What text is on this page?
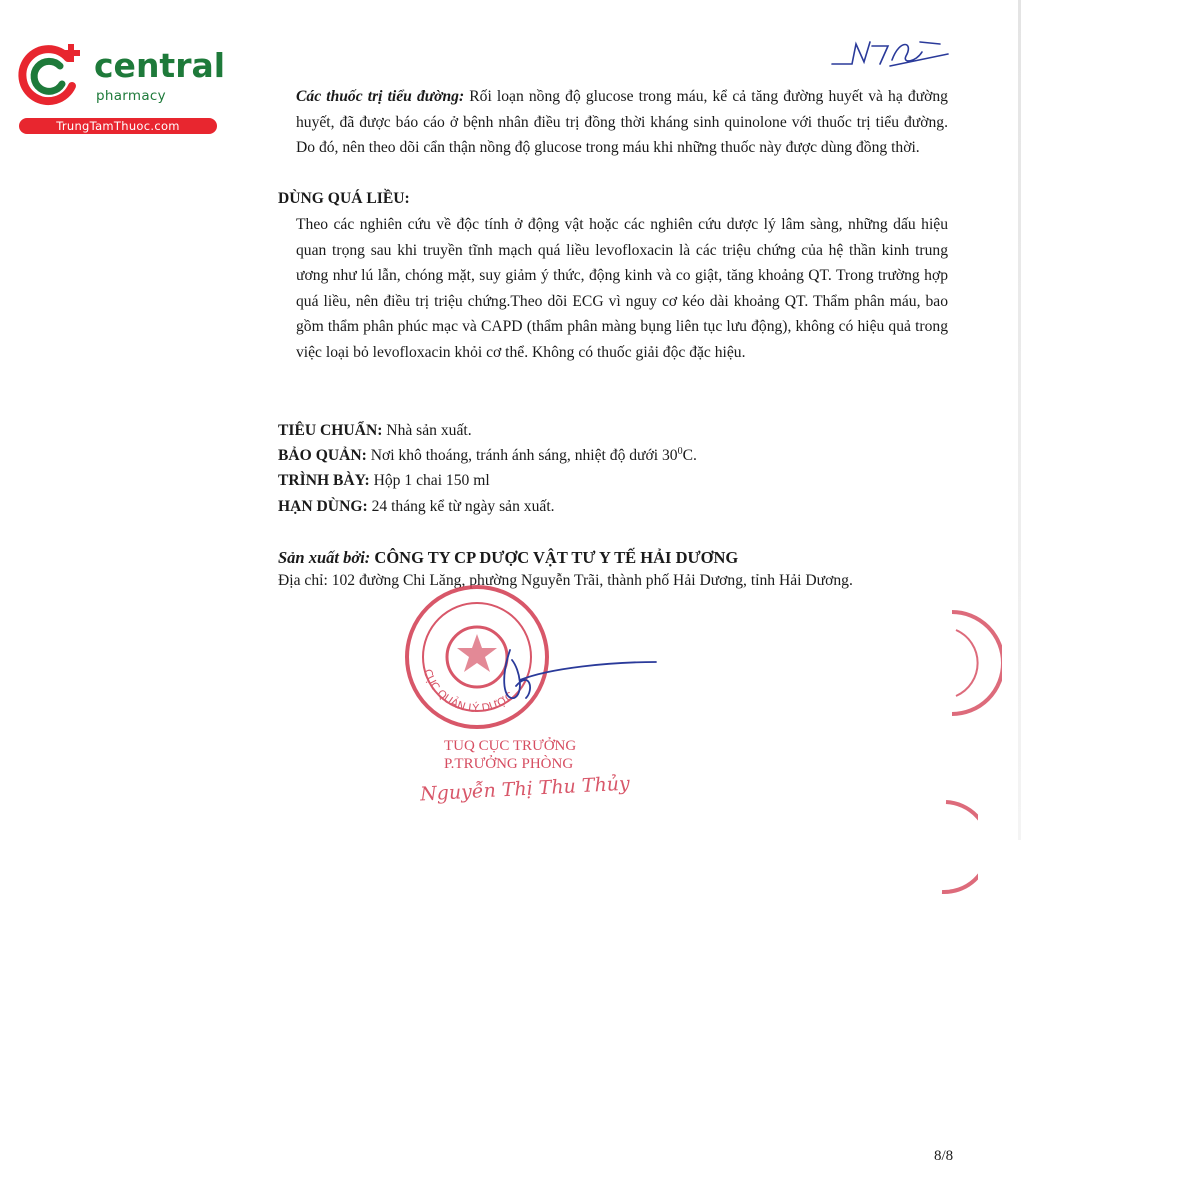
central
pharmacy
TrungTamThuoc.com
Các thuốc trị tiểu đường: Rối loạn nồng độ glucose trong máu, kể cả tăng đường huyết và hạ đường huyết, đã được báo cáo ở bệnh nhân điều trị đồng thời kháng sinh quinolone với thuốc trị tiểu đường. Do đó, nên theo dõi cẩn thận nồng độ glucose trong máu khi những thuốc này được dùng đồng thời.
DÙNG QUÁ LIỀU:
Theo các nghiên cứu về độc tính ở động vật hoặc các nghiên cứu dược lý lâm sàng, những dấu hiệu quan trọng sau khi truyền tĩnh mạch quá liều levofloxacin là các triệu chứng của hệ thần kinh trung ương như lú lẫn, chóng mặt, suy giảm ý thức, động kinh và co giật, tăng khoảng QT. Trong trường hợp quá liều, nên điều trị triệu chứng.Theo dõi ECG vì nguy cơ kéo dài khoảng QT. Thẩm phân máu, bao gồm thẩm phân phúc mạc và CAPD (thẩm phân màng bụng liên tục lưu động), không có hiệu quả trong việc loại bỏ levofloxacin khỏi cơ thể. Không có thuốc giải độc đặc hiệu.
TIÊU CHUẨN: Nhà sản xuất.
BẢO QUẢN: Nơi khô thoáng, tránh ánh sáng, nhiệt độ dưới $30^0C$.
TRÌNH BÀY: Hộp 1 chai 150 ml
HẠN DÙNG: 24 tháng kể từ ngày sản xuất.
Sản xuất bởi: CÔNG TY CP DƯỢC VẬT TƯ Y TẾ HẢI DƯƠNG
Địa chỉ: 102 đường Chi Lăng, phường Nguyễn Trãi, thành phố Hải Dương, tỉnh Hải Dương.
CỤC QUẢN LÝ DƯỢC
TUQ CỤC TRƯỞNG
P.TRƯỞNG PHÒNG
Nguyễn Thị Thu Thủy
8/8
